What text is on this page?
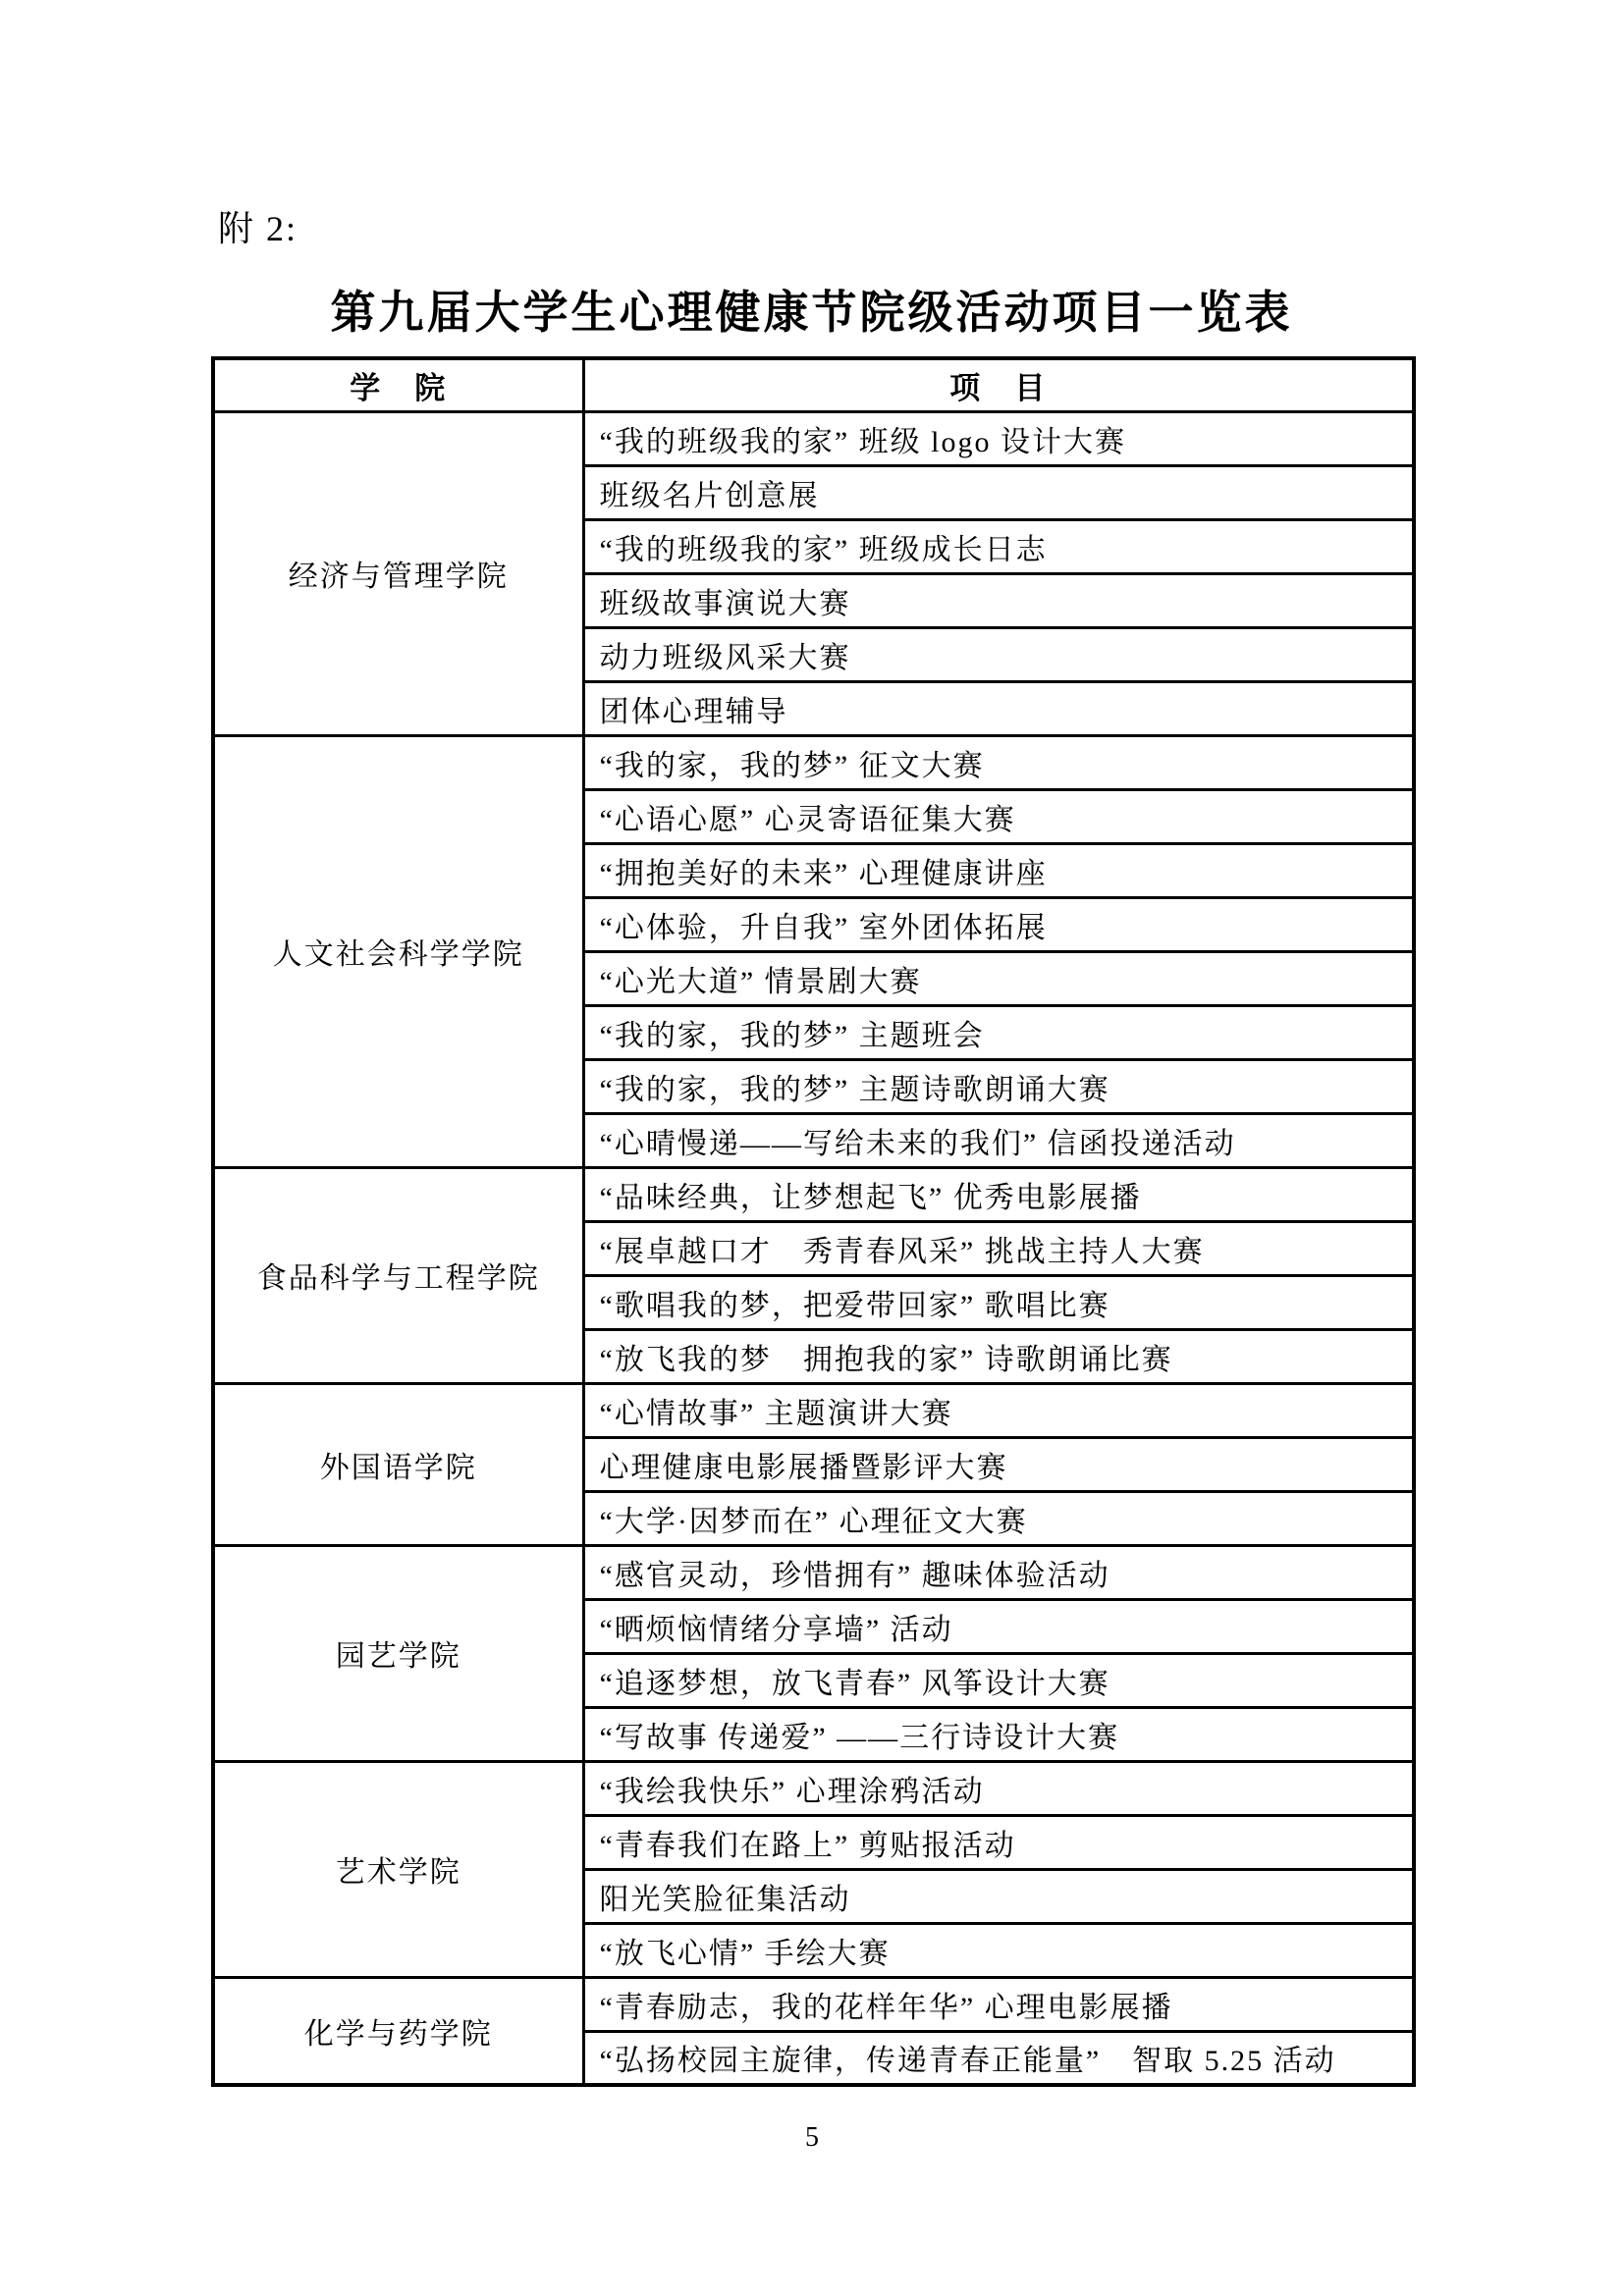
附 2:
第九届大学生心理健康节院级活动项目一览表
学　院	项　目
经济与管理学院	“我的班级我的家” 班级 logo 设计大赛
	班级名片创意展
	“我的班级我的家” 班级成长日志
	班级故事演说大赛
	动力班级风采大赛
	团体心理辅导
人文社会科学学院	“我的家，我的梦” 征文大赛
	“心语心愿” 心灵寄语征集大赛
	“拥抱美好的未来” 心理健康讲座
	“心体验，升自我” 室外团体拓展
	“心光大道” 情景剧大赛
	“我的家，我的梦” 主题班会
	“我的家，我的梦” 主题诗歌朗诵大赛
	“心晴慢递——写给未来的我们” 信函投递活动
食品科学与工程学院	“品味经典，让梦想起飞” 优秀电影展播
	“展卓越口才　秀青春风采” 挑战主持人大赛
	“歌唱我的梦，把爱带回家” 歌唱比赛
	“放飞我的梦　拥抱我的家” 诗歌朗诵比赛
外国语学院	“心情故事” 主题演讲大赛
	心理健康电影展播暨影评大赛
	“大学·因梦而在” 心理征文大赛
园艺学院	“感官灵动，珍惜拥有” 趣味体验活动
	“晒烦恼情绪分享墙” 活动
	“追逐梦想，放飞青春” 风筝设计大赛
	“写故事 传递爱” ——三行诗设计大赛
艺术学院	“我绘我快乐” 心理涂鸦活动
	“青春我们在路上” 剪贴报活动
	阳光笑脸征集活动
	“放飞心情” 手绘大赛
化学与药学院	“青春励志，我的花样年华” 心理电影展播
	“弘扬校园主旋律，传递青春正能量”　智取 5.25 活动
5
